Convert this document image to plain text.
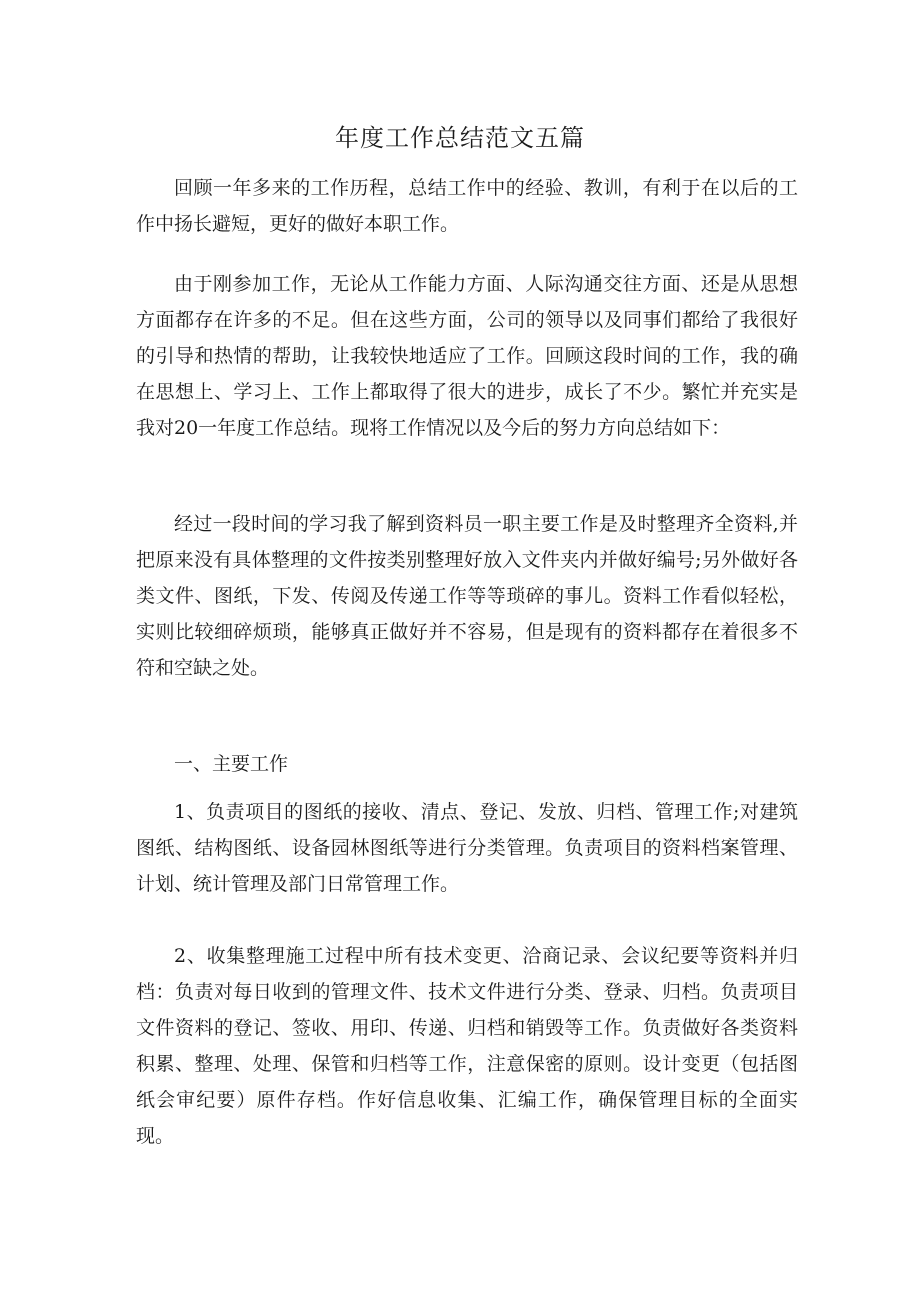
年度工作总结范文五篇

回顾一年多来的工作历程，总结工作中的经验、教训，有利于在以后的工作中扬长避短，更好的做好本职工作。

由于刚参加工作，无论从工作能力方面、人际沟通交往方面、还是从思想方面都存在许多的不足。但在这些方面，公司的领导以及同事们都给了我很好的引导和热情的帮助，让我较快地适应了工作。回顾这段时间的工作，我的确在思想上、学习上、工作上都取得了很大的进步，成长了不少。繁忙并充实是我对20一年度工作总结。现将工作情况以及今后的努力方向总结如下：

经过一段时间的学习我了解到资料员一职主要工作是及时整理齐全资料,并把原来没有具体整理的文件按类别整理好放入文件夹内并做好编号;另外做好各类文件、图纸，下发、传阅及传递工作等等琐碎的事儿。资料工作看似轻松，实则比较细碎烦琐，能够真正做好并不容易，但是现有的资料都存在着很多不符和空缺之处。

一、主要工作

1、负责项目的图纸的接收、清点、登记、发放、归档、管理工作;对建筑图纸、结构图纸、设备园林图纸等进行分类管理。负责项目的资料档案管理、计划、统计管理及部门日常管理工作。

2、收集整理施工过程中所有技术变更、洽商记录、会议纪要等资料并归档：负责对每日收到的管理文件、技术文件进行分类、登录、归档。负责项目文件资料的登记、签收、用印、传递、归档和销毁等工作。负责做好各类资料积累、整理、处理、保管和归档等工作，注意保密的原则。设计变更（包括图纸会审纪要）原件存档。作好信息收集、汇编工作，确保管理目标的全面实现。
